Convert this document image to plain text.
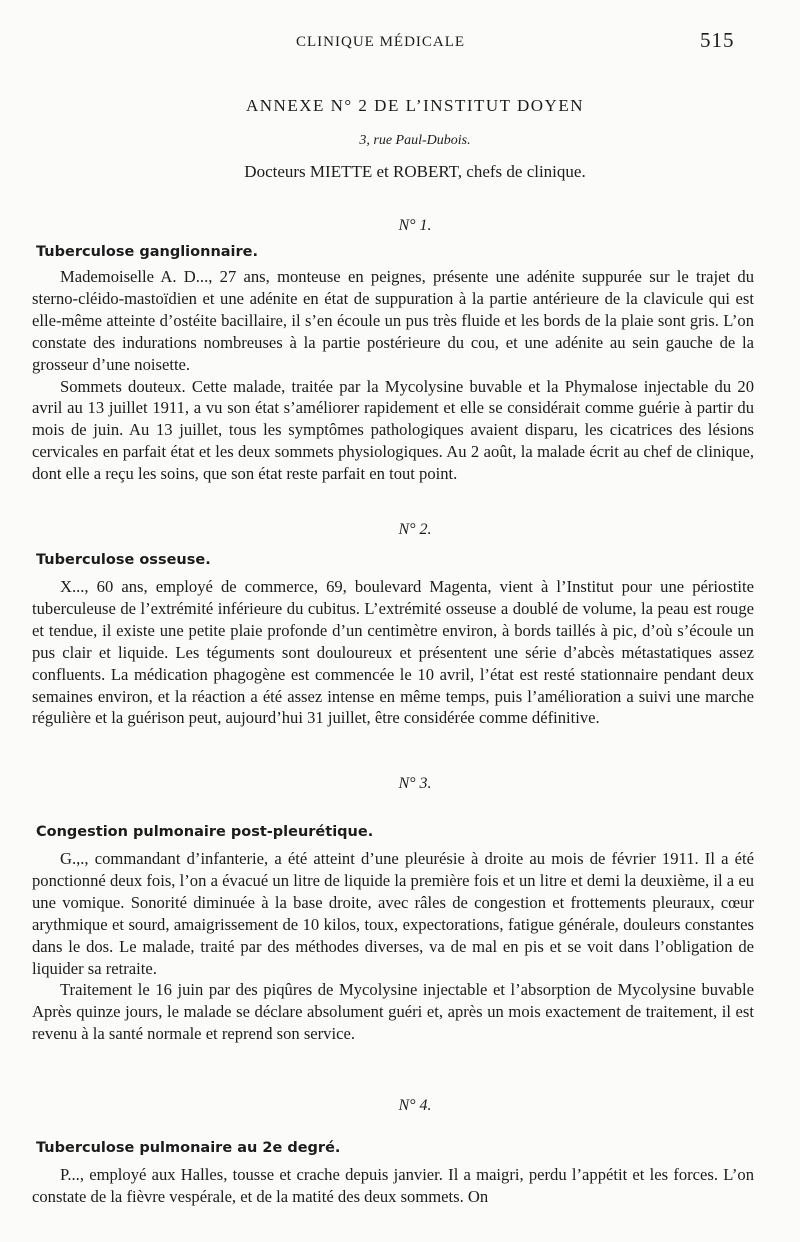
CLINIQUE MÉDICALE	515
ANNEXE N° 2 DE L’INSTITUT DOYEN
3, rue Paul-Dubois.
Docteurs MIETTE et ROBERT, chefs de clinique.
N° 1.
Tuberculose ganglionnaire.

Mademoiselle A. D..., 27 ans, monteuse en peignes, présente une adénite suppurée sur le trajet du sterno-cléido-mastoïdien et une adénite en état de suppuration à la partie antérieure de la clavicule qui est elle-même atteinte d’ostéite bacillaire, il s’en écoule un pus très fluide et les bords de la plaie sont gris. L’on constate des indurations nombreuses à la partie postérieure du cou, et une adénite au sein gauche de la grosseur d’une noisette.

Sommets douteux. Cette malade, traitée par la Mycolysine buvable et la Phymalose injectable du 20 avril au 13 juillet 1911, a vu son état s’améliorer rapidement et elle se considérait comme guérie à partir du mois de juin. Au 13 juillet, tous les symptômes pathologiques avaient disparu, les cicatrices des lésions cervicales en parfait état et les deux sommets physiologiques. Au 2 août, la malade écrit au chef de clinique, dont elle a reçu les soins, que son état reste parfait en tout point.

N° 2.
Tuberculose osseuse.

X..., 60 ans, employé de commerce, 69, boulevard Magenta, vient à l’Institut pour une périostite tuberculeuse de l’extrémité inférieure du cubitus. L’extrémité osseuse a doublé de volume, la peau est rouge et tendue, il existe une petite plaie profonde d’un centimètre environ, à bords taillés à pic, d’où s’écoule un pus clair et liquide. Les téguments sont douloureux et présentent une série d’abcès métastatiques assez confluents. La médication phagogène est commencée le 10 avril, l’état est resté stationnaire pendant deux semaines environ, et la réaction a été assez intense en même temps, puis l’amélioration a suivi une marche régulière et la guérison peut, aujourd’hui 31 juillet, être considérée comme définitive.

N° 3.
Congestion pulmonaire post-pleurétique.

G.,., commandant d’infanterie, a été atteint d’une pleurésie à droite au mois de février 1911. Il a été ponctionné deux fois, l’on a évacué un litre de liquide la première fois et un litre et demi la deuxième, il a eu une vomique. Sonorité diminuée à la base droite, avec râles de congestion et frottements pleuraux, cœur arythmique et sourd, amaigrissement de 10 kilos, toux, expectorations, fatigue générale, douleurs constantes dans le dos. Le malade, traité par des méthodes diverses, va de mal en pis et se voit dans l’obligation de liquider sa retraite.

Traitement le 16 juin par des piqûres de Mycolysine injectable et l’absorption de Mycolysine buvable Après quinze jours, le malade se déclare absolument guéri et, après un mois exactement de traitement, il est revenu à la santé normale et reprend son service.

N° 4.
Tuberculose pulmonaire au 2e degré.

P..., employé aux Halles, tousse et crache depuis janvier. Il a maigri, perdu l’appétit et les forces. L’on constate de la fièvre vespérale, et de la matité des deux sommets. On
